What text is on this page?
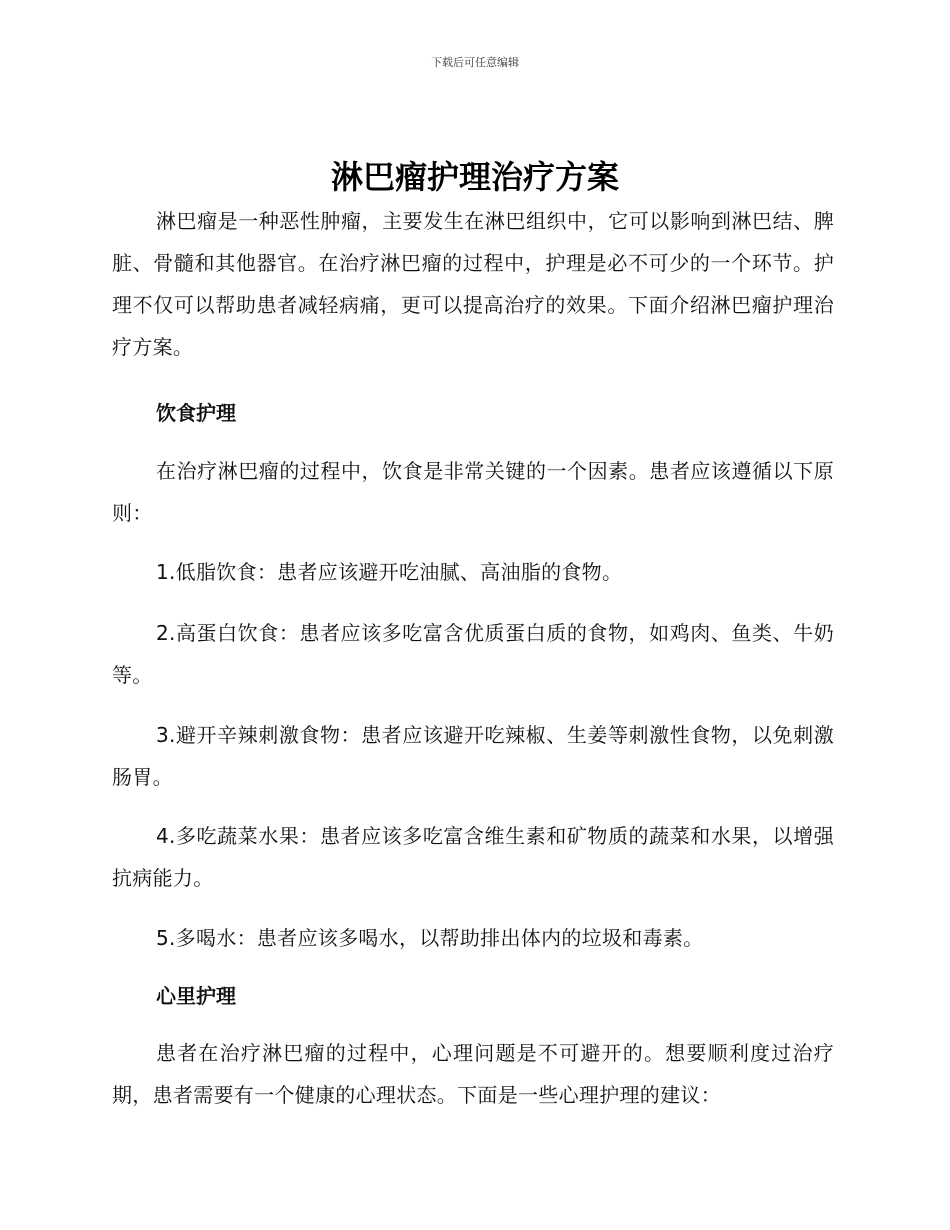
下载后可任意编辑
淋巴瘤护理治疗方案

淋巴瘤是一种恶性肿瘤，主要发生在淋巴组织中，它可以影响到淋巴结、脾脏、骨髓和其他器官。在治疗淋巴瘤的过程中，护理是必不可少的一个环节。护理不仅可以帮助患者减轻病痛，更可以提高治疗的效果。下面介绍淋巴瘤护理治疗方案。

饮食护理

在治疗淋巴瘤的过程中，饮食是非常关键的一个因素。患者应该遵循以下原则：

1.低脂饮食：患者应该避开吃油腻、高油脂的食物。

2.高蛋白饮食：患者应该多吃富含优质蛋白质的食物，如鸡肉、鱼类、牛奶等。

3.避开辛辣刺激食物：患者应该避开吃辣椒、生姜等刺激性食物，以免刺激肠胃。

4.多吃蔬菜水果：患者应该多吃富含维生素和矿物质的蔬菜和水果，以增强抗病能力。

5.多喝水：患者应该多喝水，以帮助排出体内的垃圾和毒素。

心里护理

患者在治疗淋巴瘤的过程中，心理问题是不可避开的。想要顺利度过治疗期，患者需要有一个健康的心理状态。下面是一些心理护理的建议：
